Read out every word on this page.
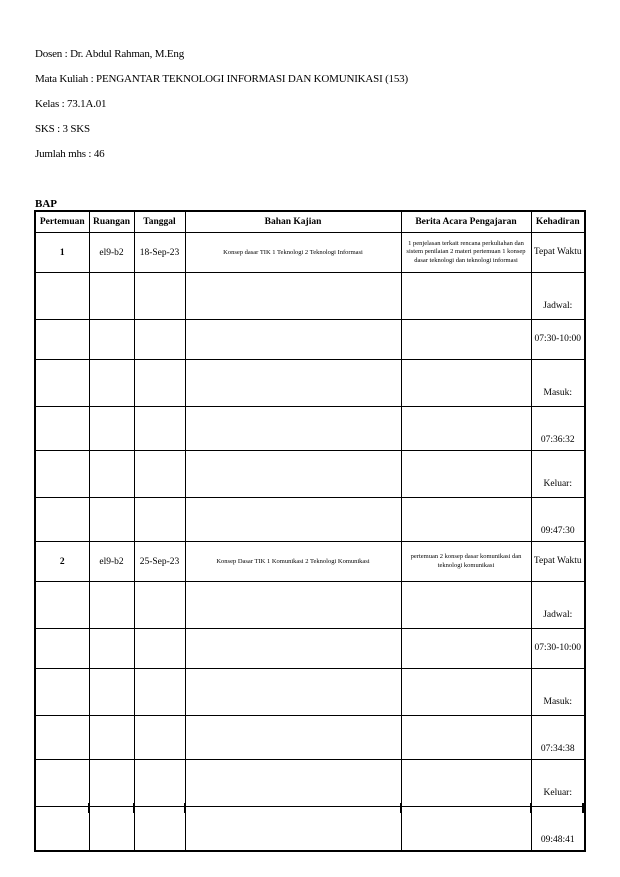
Dosen : Dr. Abdul Rahman, M.Eng
Mata Kuliah : PENGANTAR TEKNOLOGI INFORMASI DAN KOMUNIKASI (153)
Kelas : 73.1A.01
SKS : 3 SKS
Jumlah mhs : 46
BAP
Pertemuan	Ruangan	Tanggal	Bahan Kajian	Berita Acara Pengajaran	Kehadiran
1	el9-b2	18-Sep-23	Konsep dasar TIK 1 Teknologi 2 Teknologi Informasi	1 penjelasan terkait rencana perkuliahan dan sistem penilaian 2 materi pertemuan 1 konsep dasar teknologi dan teknologi informasi	Tepat Waktu
					Jadwal:
					07:30-10:00
					Masuk:
					07:36:32
					Keluar:
					09:47:30
2	el9-b2	25-Sep-23	Konsep Dasar TIK 1 Komunikasi 2 Teknologi Komunikasi	pertemuan 2 konsep dasar komunikasi dan teknologi komunikasi	Tepat Waktu
					Jadwal:
					07:30-10:00
					Masuk:
					07:34:38
					Keluar:
					09:48:41
